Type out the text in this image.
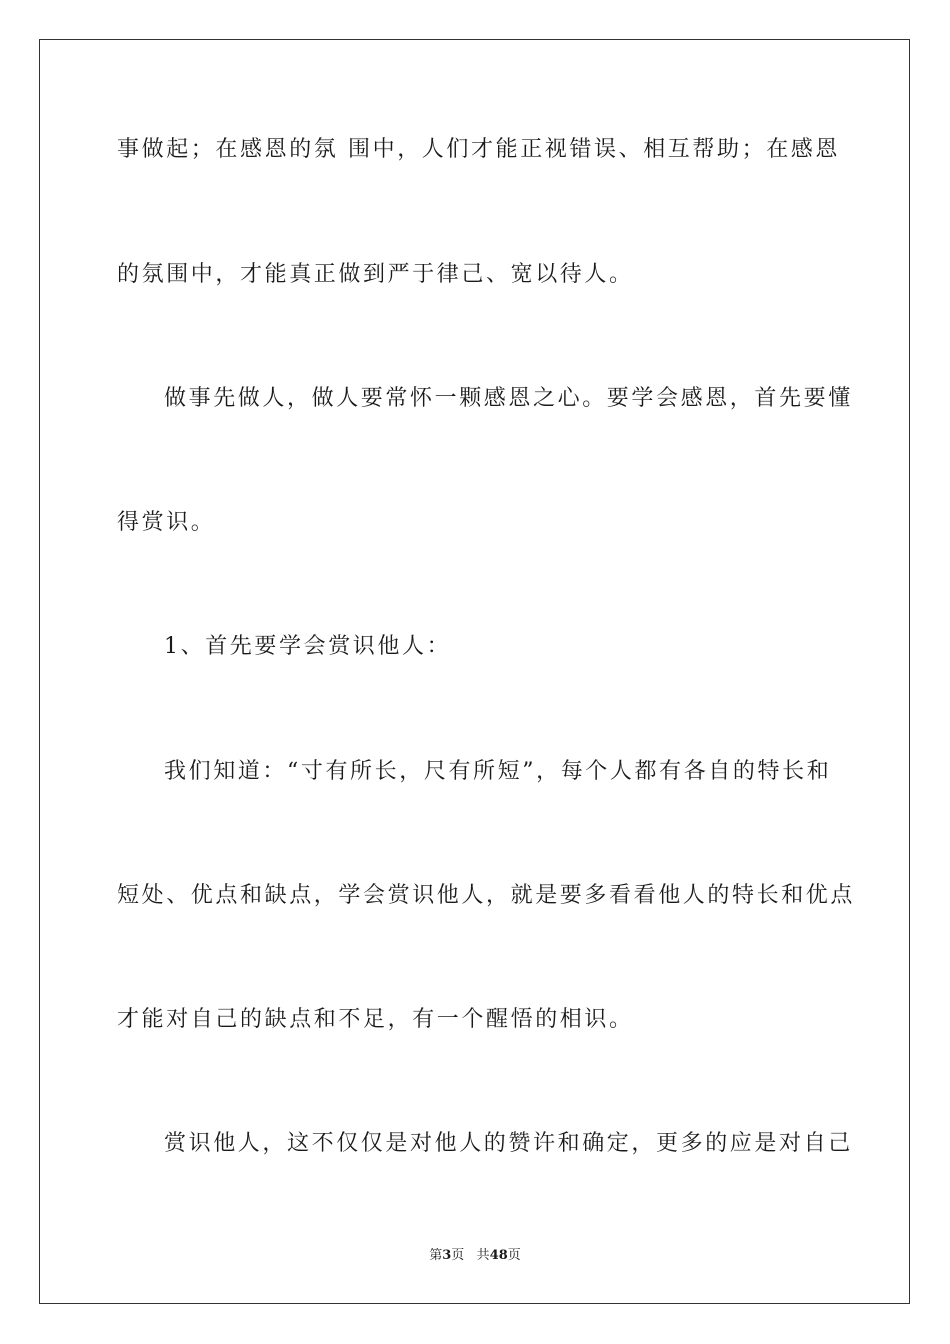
事做起；在感恩的氛 围中，人们才能正视错误、相互帮助；在感恩
的氛围中，才能真正做到严于律己、宽以待人。
做事先做人，做人要常怀一颗感恩之心。要学会感恩，首先要懂
得赏识。
1、首先要学会赏识他人：
我们知道：“寸有所长，尺有所短”，每个人都有各自的特长和
短处、优点和缺点，学会赏识他人，就是要多看看他人的特长和优点
才能对自己的缺点和不足，有一个醒悟的相识。
赏识他人，这不仅仅是对他人的赞许和确定，更多的应是对自己
第3页 共48页
